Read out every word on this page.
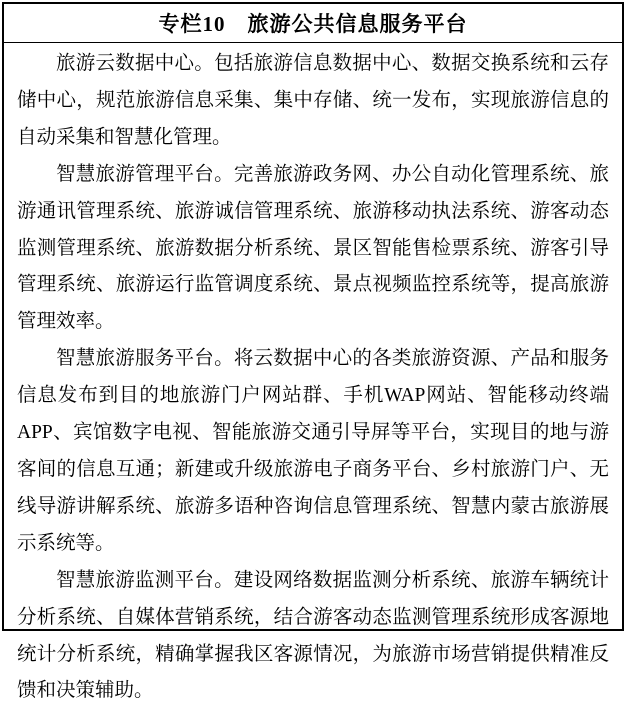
专栏10　旅游公共信息服务平台

旅游云数据中心。包括旅游信息数据中心、数据交换系统和云存储中心，规范旅游信息采集、集中存储、统一发布，实现旅游信息的自动采集和智慧化管理。

智慧旅游管理平台。完善旅游政务网、办公自动化管理系统、旅游通讯管理系统、旅游诚信管理系统、旅游移动执法系统、游客动态监测管理系统、旅游数据分析系统、景区智能售检票系统、游客引导管理系统、旅游运行监管调度系统、景点视频监控系统等，提高旅游管理效率。

智慧旅游服务平台。将云数据中心的各类旅游资源、产品和服务信息发布到目的地旅游门户网站群、手机WAP网站、智能移动终端APP、宾馆数字电视、智能旅游交通引导屏等平台，实现目的地与游客间的信息互通；新建或升级旅游电子商务平台、乡村旅游门户、无线导游讲解系统、旅游多语种咨询信息管理系统、智慧内蒙古旅游展示系统等。

智慧旅游监测平台。建设网络数据监测分析系统、旅游车辆统计分析系统、自媒体营销系统，结合游客动态监测管理系统形成客源地统计分析系统，精确掌握我区客源情况，为旅游市场营销提供精准反馈和决策辅助。
